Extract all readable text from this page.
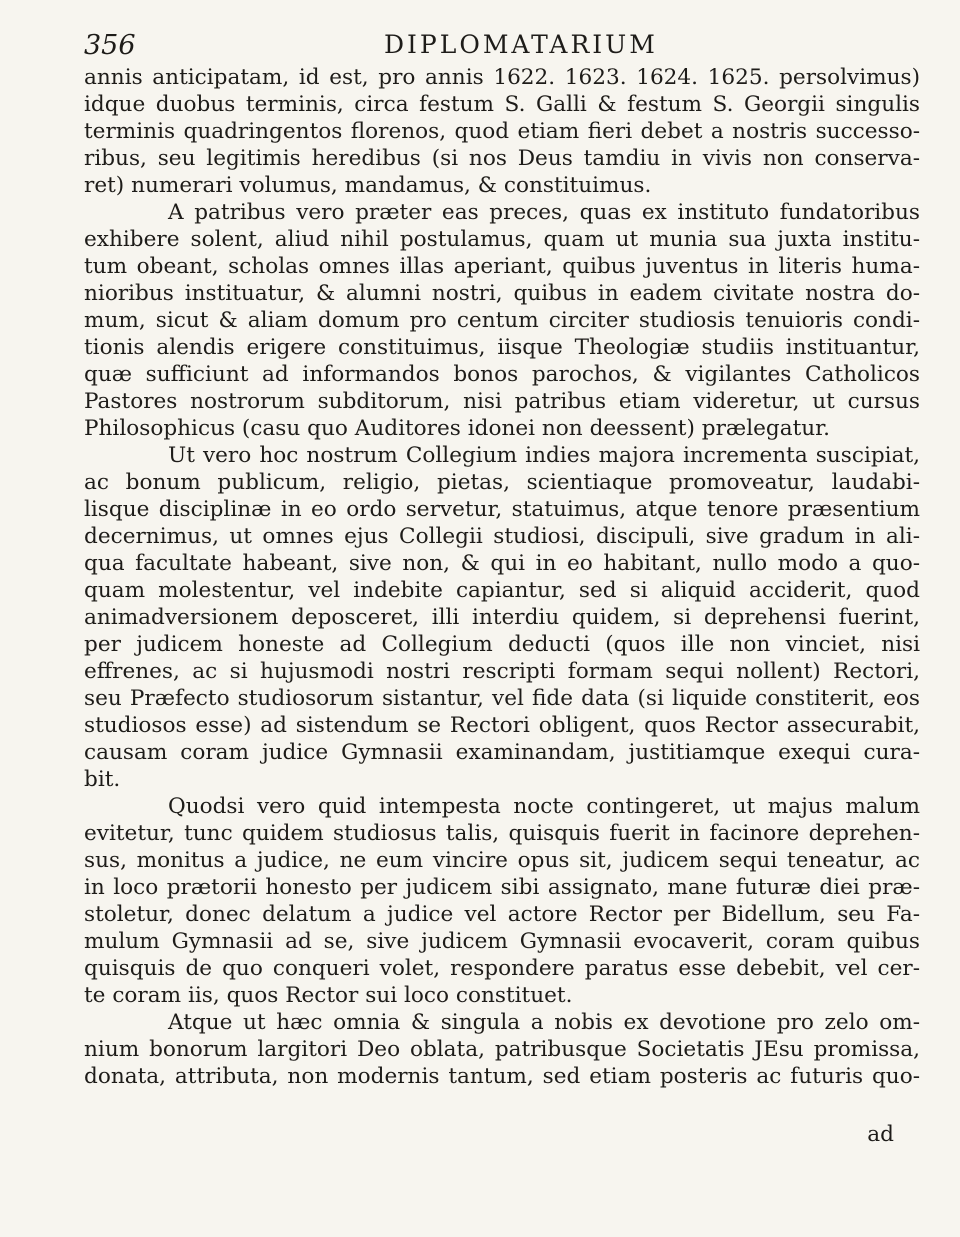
356	DIPLOMATARIUM
annis anticipatam, id est, pro annis 1622. 1623. 1624. 1625. persolvimus)
idque duobus terminis, circa festum S. Galli & festum S. Georgii singulis
terminis quadringentos florenos, quod etiam fieri debet a nostris successo-
ribus, seu legitimis heredibus (si nos Deus tamdiu in vivis non conserva-
ret) numerari volumus, mandamus, & constituimus.
A patribus vero præter eas preces, quas ex instituto fundatoribus
exhibere solent, aliud nihil postulamus, quam ut munia sua juxta institu-
tum obeant, scholas omnes illas aperiant, quibus juventus in literis huma-
nioribus instituatur, & alumni nostri, quibus in eadem civitate nostra do-
mum, sicut & aliam domum pro centum circiter studiosis tenuioris condi-
tionis alendis erigere constituimus, iisque Theologiæ studiis instituantur,
quæ sufficiunt ad informandos bonos parochos, & vigilantes Catholicos
Pastores nostrorum subditorum, nisi patribus etiam videretur, ut cursus
Philosophicus (casu quo Auditores idonei non deessent) prælegatur.
Ut vero hoc nostrum Collegium indies majora incrementa suscipiat,
ac bonum publicum, religio, pietas, scientiaque promoveatur, laudabi-
lisque disciplinæ in eo ordo servetur, statuimus, atque tenore præsentium
decernimus, ut omnes ejus Collegii studiosi, discipuli, sive gradum in ali-
qua facultate habeant, sive non, & qui in eo habitant, nullo modo a quo-
quam molestentur, vel indebite capiantur, sed si aliquid acciderit, quod
animadversionem deposceret, illi interdiu quidem, si deprehensi fuerint,
per judicem honeste ad Collegium deducti (quos ille non vinciet, nisi
effrenes, ac si hujusmodi nostri rescripti formam sequi nollent) Rectori,
seu Præfecto studiosorum sistantur, vel fide data (si liquide constiterit, eos
studiosos esse) ad sistendum se Rectori obligent, quos Rector assecurabit,
causam coram judice Gymnasii examinandam, justitiamque exequi cura-
bit.
Quodsi vero quid intempesta nocte contingeret, ut majus malum
evitetur, tunc quidem studiosus talis, quisquis fuerit in facinore deprehen-
sus, monitus a judice, ne eum vincire opus sit, judicem sequi teneatur, ac
in loco prætorii honesto per judicem sibi assignato, mane futuræ diei præ-
stoletur, donec delatum a judice vel actore Rector per Bidellum, seu Fa-
mulum Gymnasii ad se, sive judicem Gymnasii evocaverit, coram quibus
quisquis de quo conqueri volet, respondere paratus esse debebit, vel cer-
te coram iis, quos Rector sui loco constituet.
Atque ut hæc omnia & singula a nobis ex devotione pro zelo om-
nium bonorum largitori Deo oblata, patribusque Societatis JEsu promissa,
donata, attributa, non modernis tantum, sed etiam posteris ac futuris quo-
ad
